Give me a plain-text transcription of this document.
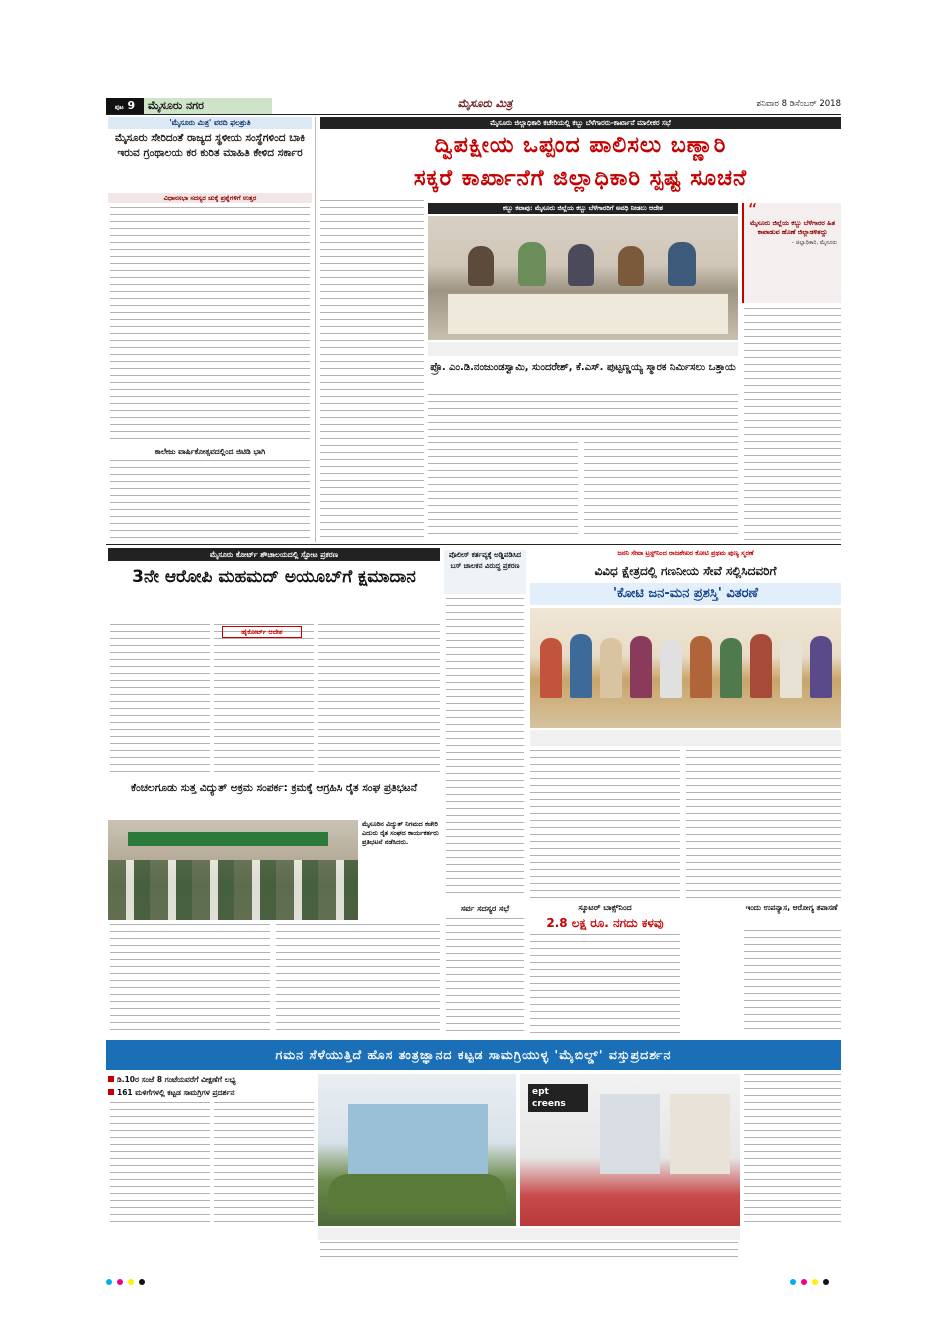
ಪುಟ 9	ಮೈಸೂರು ನಗರ	ಮೈಸೂರು ಮಿತ್ರ	ಶನಿವಾರ 8 ಡಿಸೆಂಬರ್ 2018
'ಮೈಸೂರು ಮಿತ್ರ' ವರದಿ ಫಲಶ್ರುತಿ
ಮೈಸೂರು ಸೇರಿದಂತೆ ರಾಜ್ಯದ ಸ್ಥಳೀಯ ಸಂಸ್ಥೆಗಳಿಂದ ಬಾಕಿ ಇರುವ ಗ್ರಂಥಾಲಯ ಕರ ಕುರಿತ ಮಾಹಿತಿ ಕೇಳಿದ ಸರ್ಕಾರ
ವಿಧಾನಸಭಾ ಸದಸ್ಯರ ಚುಕ್ಕೆ ಪ್ರಶ್ನೆಗಳಿಗೆ ಉತ್ತರ
ಕಾಲೇಜು ವಾರ್ಷಿಕೋತ್ಸವದಲ್ಲಿಂದ ಜಿಟಿಡಿ ಭಾಗಿ
ಮೈಸೂರು ಜಿಲ್ಲಾಧಿಕಾರಿ ಕಚೇರಿಯಲ್ಲಿ ಕಬ್ಬು ಬೆಳೆಗಾರರು-ಕಾರ್ಖಾನೆ ಮಾಲೀಕರ ಸಭೆ
ದ್ವಿಪಕ್ಷೀಯ ಒಪ್ಪಂದ ಪಾಲಿಸಲು ಬಣ್ಣಾರಿ
ಸಕ್ಕರೆ ಕಾರ್ಖಾನೆಗೆ ಜಿಲ್ಲಾಧಿಕಾರಿ ಸ್ಪಷ್ಟ ಸೂಚನೆ
ಕಬ್ಬು ಕಟಾವು: ಮೈಸೂರು ಜಿಲ್ಲೆಯ ಕಬ್ಬು ಬೆಳೆಗಾರರಿಗೆ ಅವಧಿ ನೀಡಲು ಆದೇಶ	“
ಮೈಸೂರು ಜಿಲ್ಲೆಯ ಕಬ್ಬು ಬೆಳೆಗಾರರ ಹಿತ ಕಾಪಾಡುವ ಹೊಣೆ ಜಿಲ್ಲಾಡಳಿತದ್ದು
- ಜಿಲ್ಲಾಧಿಕಾರಿ, ಮೈಸೂರು
ಪ್ರೊ. ಎಂ.ಡಿ.ನಂಜುಂಡಸ್ವಾಮಿ, ಸುಂದರೇಶ್, ಕೆ.ಎಸ್. ಪುಟ್ಟಣ್ಣಯ್ಯ ಸ್ಮಾರಕ ನಿರ್ಮಿಸಲು ಒತ್ತಾಯ
ಮೈಸೂರು ಕೋರ್ಟ್ ಶೌಚಾಲಯದಲ್ಲಿ ಸ್ಫೋಟ ಪ್ರಕರಣ
3ನೇ ಆರೋಪಿ ಮಹಮದ್ ಅಯೂಬ್‌ಗೆ ಕ್ಷಮಾದಾನ
ಹೈಕೋರ್ಟ್ ಆದೇಶ
ಪೊಲೀಸ್ ಕರ್ತವ್ಯಕ್ಕೆ ಅಡ್ಡಿಪಡಿಸಿದ ಬಸ್ ಚಾಲಕನ ವಿರುದ್ಧ ಪ್ರಕರಣ
ಜನನಿ ಸೇವಾ ಟ್ರಸ್ಟ್‌ನಿಂದ ರಾಜಶೇಖರ ಕೋಟಿ ಪ್ರಥಮ ಪುಣ್ಯ ಸ್ಮರಣೆ
ವಿವಿಧ ಕ್ಷೇತ್ರದಲ್ಲಿ ಗಣನೀಯ ಸೇವೆ ಸಲ್ಲಿಸಿದವರಿಗೆ
'ಕೋಟಿ ಜನ-ಮನ ಪ್ರಶಸ್ತಿ' ವಿತರಣೆ
ಕೆಂಚಲಗೂಡು ಸುತ್ತ ವಿದ್ಯುತ್ ಅಕ್ರಮ ಸಂಪರ್ಕ: ಕ್ರಮಕ್ಕೆ ಆಗ್ರಹಿಸಿ ರೈತ ಸಂಘ ಪ್ರತಿಭಟನೆ
ಮೈಸೂರಿನ ವಿದ್ಯುತ್ ನಿಗಮದ ಕಚೇರಿ ಎದುರು ರೈತ ಸಂಘದ ಕಾರ್ಯಕರ್ತರು ಪ್ರತಿಭಟನೆ ನಡೆಸಿದರು.
ಸ್ಕೂಟರ್ ಬಾಕ್ಸ್‌ನಿಂದ
2.8 ಲಕ್ಷ ರೂ. ನಗದು ಕಳವು
ಇಂದು ಉಪನ್ಯಾಸ, ಆರೋಗ್ಯ ತಪಾಸಣೆ
ಸರ್ವ ಸದಸ್ಯರ ಸಭೆ
ಗಮನ ಸೆಳೆಯುತ್ತಿದೆ ಹೊಸ ತಂತ್ರಜ್ಞಾನದ ಕಟ್ಟಡ ಸಾಮಗ್ರಿಯುಳ್ಳ 'ಮೈಬಿಲ್ಡ್' ವಸ್ತುಪ್ರದರ್ಶನ
ಡಿ.10ರ ಸಂಜೆ 8 ಗಂಟೆಯವರೆಗೆ ವೀಕ್ಷಣೆಗೆ ಲಭ್ಯ
161 ಮಳಿಗೆಗಳಲ್ಲಿ ಕಟ್ಟಡ ಸಾಮಗ್ರಿಗಳ ಪ್ರದರ್ಶನ	ept
creens
